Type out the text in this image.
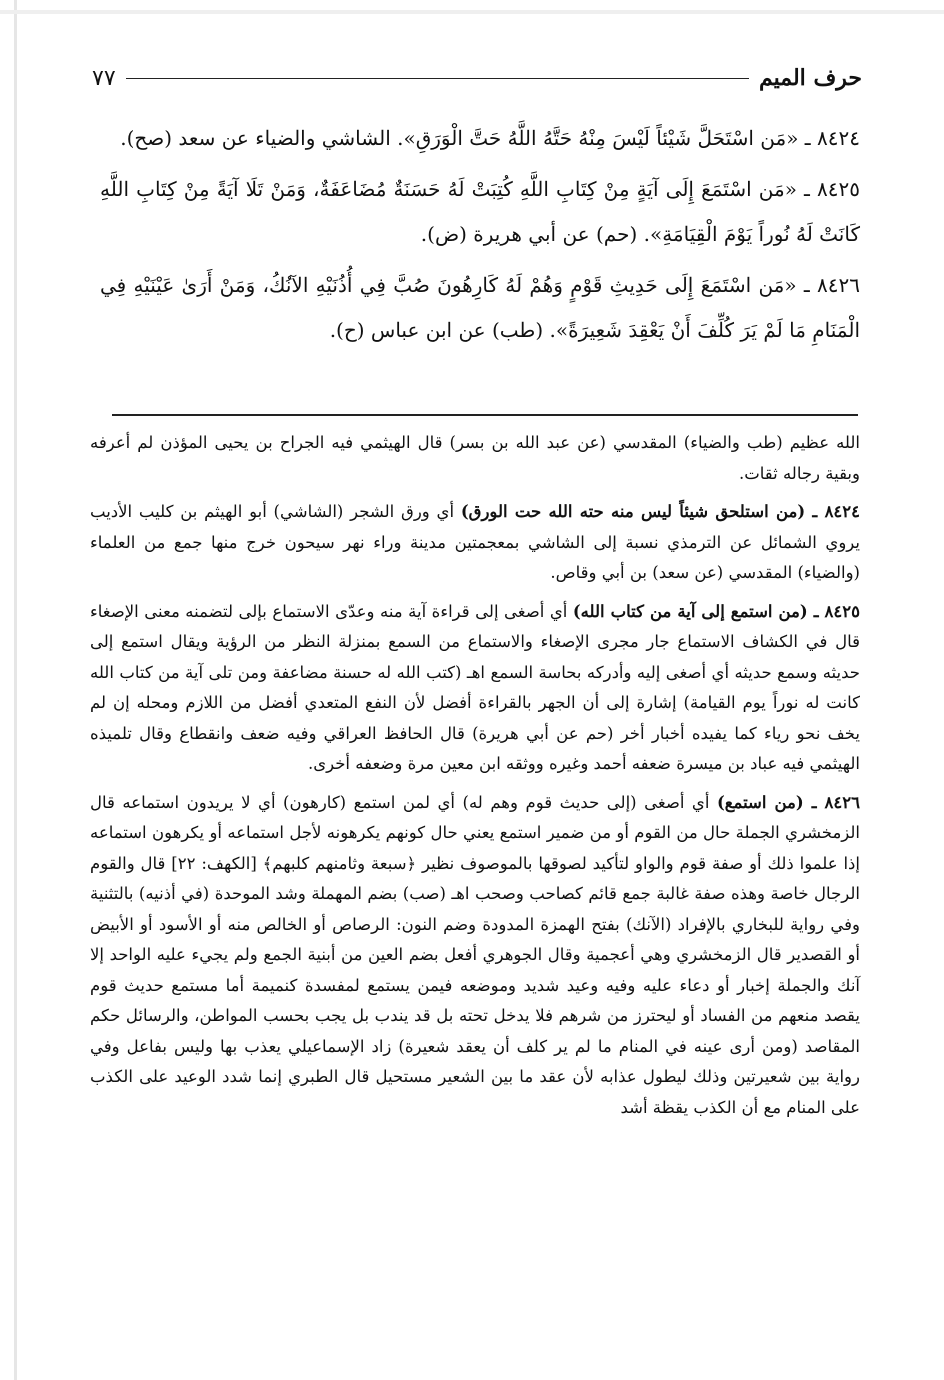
حرف الميم
٧٧

٨٤٢٤ ـ «مَن اسْتَحَلَّ شَيْئاً لَيْسَ مِنْهُ حَتَّهُ اللَّهُ حَتَّ الْوَرَقِ». الشاشي والضياء عن سعد (صح).

٨٤٢٥ ـ «مَن اسْتَمَعَ إِلَى آيَةٍ مِنْ كِتَابِ اللَّهِ كُتِبَتْ لَهُ حَسَنَةٌ مُضَاعَفَةٌ، وَمَنْ تَلَا آيَةً مِنْ كِتَابِ اللَّهِ كَانَتْ لَهُ نُوراً يَوْمَ الْقِيَامَةِ». (حم) عن أبي هريرة (ض).

٨٤٢٦ ـ «مَن اسْتَمَعَ إِلَى حَدِيثِ قَوْمٍ وَهُمْ لَهُ كَارِهُونَ صُبَّ فِي أُذُنَيْهِ الآنُكُ، وَمَنْ أَرَىٰ عَيْنَيْهِ فِي الْمَنَامِ مَا لَمْ يَرَ كُلِّفَ أَنْ يَعْقِدَ شَعِيرَةً». (طب) عن ابن عباس (ح).

الله عظيم (طب والضياء) المقدسي (عن عبد الله بن بسر) قال الهيثمي فيه الجراح بن يحيى المؤذن لم أعرفه وبقية رجاله ثقات.

٨٤٢٤ ـ (من استلحق شيئاً ليس منه حته الله حت الورق) أي ورق الشجر (الشاشي) أبو الهيثم بن كليب الأديب يروي الشمائل عن الترمذي نسبة إلى الشاشي بمعجمتين مدينة وراء نهر سيحون خرج منها جمع من العلماء (والضياء) المقدسي (عن سعد) بن أبي وقاص.

٨٤٢٥ ـ (من استمع إلى آية من كتاب الله) أي أصغى إلى قراءة آية منه وعدّى الاستماع بإلى لتضمنه معنى الإصغاء قال في الكشاف الاستماع جار مجرى الإصغاء والاستماع من السمع بمنزلة النظر من الرؤية ويقال استمع إلى حديثه وسمع حديثه أي أصغى إليه وأدركه بحاسة السمع اهـ (كتب الله له حسنة مضاعفة ومن تلى آية من كتاب الله كانت له نوراً يوم القيامة) إشارة إلى أن الجهر بالقراءة أفضل لأن النفع المتعدي أفضل من اللازم ومحله إن لم يخف نحو رياء كما يفيده أخبار أخر (حم عن أبي هريرة) قال الحافظ العراقي وفيه ضعف وانقطاع وقال تلميذه الهيثمي فيه عباد بن ميسرة ضعفه أحمد وغيره ووثقه ابن معين مرة وضعفه أخرى.

٨٤٢٦ ـ (من استمع) أي أصغى (إلى حديث قوم وهم له) أي لمن استمع (كارهون) أي لا يريدون استماعه قال الزمخشري الجملة حال من القوم أو من ضمير استمع يعني حال كونهم يكرهونه لأجل استماعه أو يكرهون استماعه إذا علموا ذلك أو صفة قوم والواو لتأكيد لصوقها بالموصوف نظير ﴿سبعة وثامنهم كلبهم﴾ [الكهف: ٢٢] قال والقوم الرجال خاصة وهذه صفة غالبة جمع قائم كصاحب وصحب اهـ (صب) بضم المهملة وشد الموحدة (في أذنيه) بالتثنية وفي رواية للبخاري بالإفراد (الآنك) بفتح الهمزة المدودة وضم النون: الرصاص أو الخالص منه أو الأسود أو الأبيض أو القصدير قال الزمخشري وهي أعجمية وقال الجوهري أفعل بضم العين من أبنية الجمع ولم يجيء عليه الواحد إلا آنك والجملة إخبار أو دعاء عليه وفيه وعيد شديد وموضعه فيمن يستمع لمفسدة كنميمة أما مستمع حديث قوم يقصد منعهم من الفساد أو ليحترز من شرهم فلا يدخل تحته بل قد يندب بل يجب بحسب المواطن، والرسائل حكم المقاصد (ومن أرى عينه في المنام ما لم ير كلف أن يعقد شعيرة) زاد الإسماعيلي يعذب بها وليس بفاعل وفي رواية بين شعيرتين وذلك ليطول عذابه لأن عقد ما بين الشعير مستحيل قال الطبري إنما شدد الوعيد على الكذب على المنام مع أن الكذب يقظة أشد
